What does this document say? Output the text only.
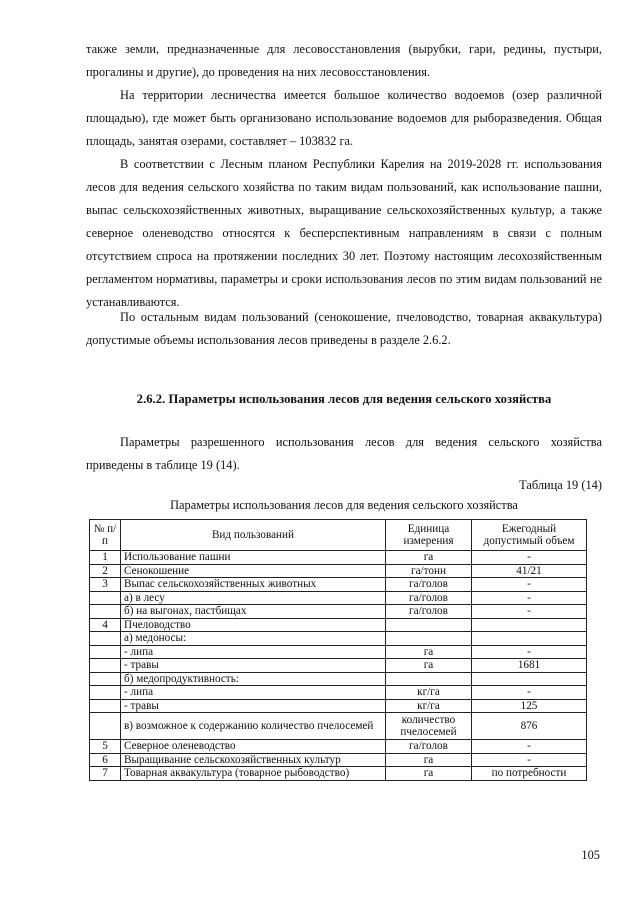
также земли, предназначенные для лесовосстановления (вырубки, гари, редины, пустыри, прогалины и другие), до проведения на них лесовосстановления.

На территории лесничества имеется большое количество водоемов (озер различной площадью), где может быть организовано использование водоемов для рыборазведения. Общая площадь, занятая озерами, составляет – 103832 га.

В соответствии с Лесным планом Республики Карелия на 2019-2028 гг. использования лесов для ведения сельского хозяйства по таким видам пользований, как использование пашни, выпас сельскохозяйственных животных, выращивание сельскохозяйственных культур, а также северное оленеводство относятся к бесперспективным направлениям в связи с полным отсутствием спроса на протяжении последних 30 лет. Поэтому настоящим лесохозяйственным регламентом нормативы, параметры и сроки использования лесов по этим видам пользований не устанавливаются.

По остальным видам пользований (сенокошение, пчеловодство, товарная аквакультура) допустимые объемы использования лесов приведены в разделе 2.6.2.

2.6.2. Параметры использования лесов для ведения сельского хозяйства

Параметры разрешенного использования лесов для ведения сельского хозяйства приведены в таблице 19 (14).

Таблица 19 (14)

Параметры использования лесов для ведения сельского хозяйства

№ п/п	Вид пользований	Единица измерения	Ежегодный допустимый объем
1	Использование пашни	га	-
2	Сенокошение	га/тонн	41/21
3	Выпас сельскохозяйственных животных	га/голов	-
	а) в лесу	га/голов	-
	б) на выгонах, пастбищах	га/голов	-
4	Пчеловодство		
	а) медоносы:		
	- липа	га	-
	- травы	га	1681
	б) медопродуктивность:		
	- липа	кг/га	-
	- травы	кг/га	125
	в) возможное к содержанию количество пчелосемей	количество пчелосемей	876
5	Северное оленеводство	га/голов	-
6	Выращивание сельскохозяйственных культур	га	-
7	Товарная аквакультура (товарное рыбоводство)	га	по потребности

105
